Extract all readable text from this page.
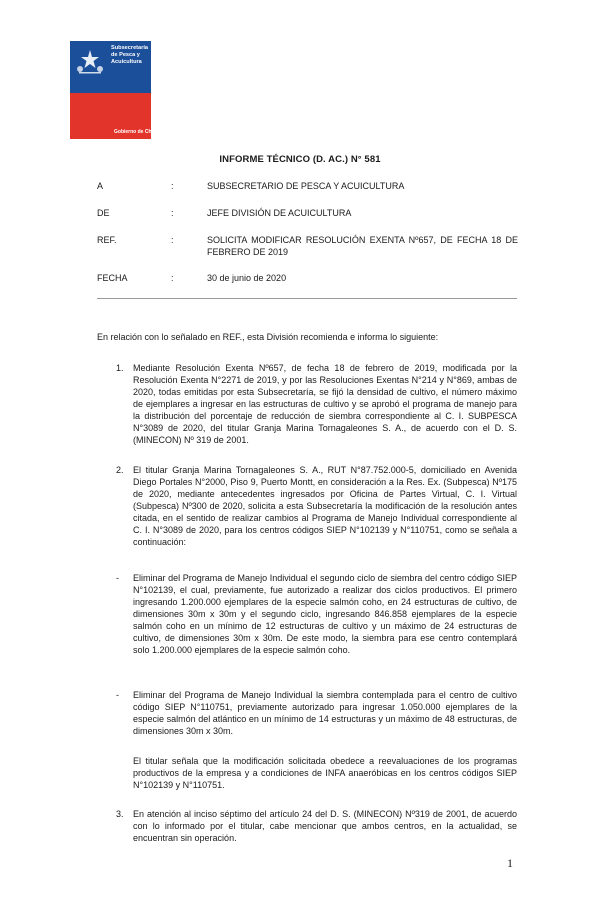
Subsecretaría de Pesca y Acuicultura
Gobierno de Chile
INFORME TÉCNICO (D. AC.) N° 581
A	:	SUBSECRETARIO DE PESCA Y ACUICULTURA
DE	:	JEFE DIVISIÓN DE ACUICULTURA
REF.	:	SOLICITA MODIFICAR RESOLUCIÓN EXENTA Nº657, DE FECHA 18 DE FEBRERO DE 2019
FECHA	:	30 de junio de 2020
En relación con lo señalado en REF., esta División recomienda e informa lo siguiente:
1. Mediante Resolución Exenta Nº657, de fecha 18 de febrero de 2019, modificada por la Resolución Exenta N°2271 de 2019, y por las Resoluciones Exentas N°214 y N°869, ambas de 2020, todas emitidas por esta Subsecretaría, se fijó la densidad de cultivo, el número máximo de ejemplares a ingresar en las estructuras de cultivo y se aprobó el programa de manejo para la distribución del porcentaje de reducción de siembra correspondiente al C. I. SUBPESCA N°3089 de 2020, del titular Granja Marina Tornagaleones S. A., de acuerdo con el D. S. (MINECON) Nº 319 de 2001.
2. El titular Granja Marina Tornagaleones S. A., RUT N°87.752.000-5, domiciliado en Avenida Diego Portales N°2000, Piso 9, Puerto Montt, en consideración a la Res. Ex. (Subpesca) Nº175 de 2020, mediante antecedentes ingresados por Oficina de Partes Virtual, C. I. Virtual (Subpesca) Nº300 de 2020, solicita a esta Subsecretaría la modificación de la resolución antes citada, en el sentido de realizar cambios al Programa de Manejo Individual correspondiente al C. I. N°3089 de 2020, para los centros códigos SIEP N°102139 y N°110751, como se señala a continuación:
- Eliminar del Programa de Manejo Individual el segundo ciclo de siembra del centro código SIEP N°102139, el cual, previamente, fue autorizado a realizar dos ciclos productivos. El primero ingresando 1.200.000 ejemplares de la especie salmón coho, en 24 estructuras de cultivo, de dimensiones 30m x 30m y el segundo ciclo, ingresando 846.858 ejemplares de la especie salmón coho en un mínimo de 12 estructuras de cultivo y un máximo de 24 estructuras de cultivo, de dimensiones 30m x 30m. De este modo, la siembra para ese centro contemplará solo 1.200.000 ejemplares de la especie salmón coho.
- Eliminar del Programa de Manejo Individual la siembra contemplada para el centro de cultivo código SIEP N°110751, previamente autorizado para ingresar 1.050.000 ejemplares de la especie salmón del atlántico en un mínimo de 14 estructuras y un máximo de 48 estructuras, de dimensiones 30m x 30m.
El titular señala que la modificación solicitada obedece a reevaluaciones de los programas productivos de la empresa y a condiciones de INFA anaeróbicas en los centros códigos SIEP N°102139 y N°110751.
3. En atención al inciso séptimo del artículo 24 del D. S. (MINECON) Nº319 de 2001, de acuerdo con lo informado por el titular, cabe mencionar que ambos centros, en la actualidad, se encuentran sin operación.
1
